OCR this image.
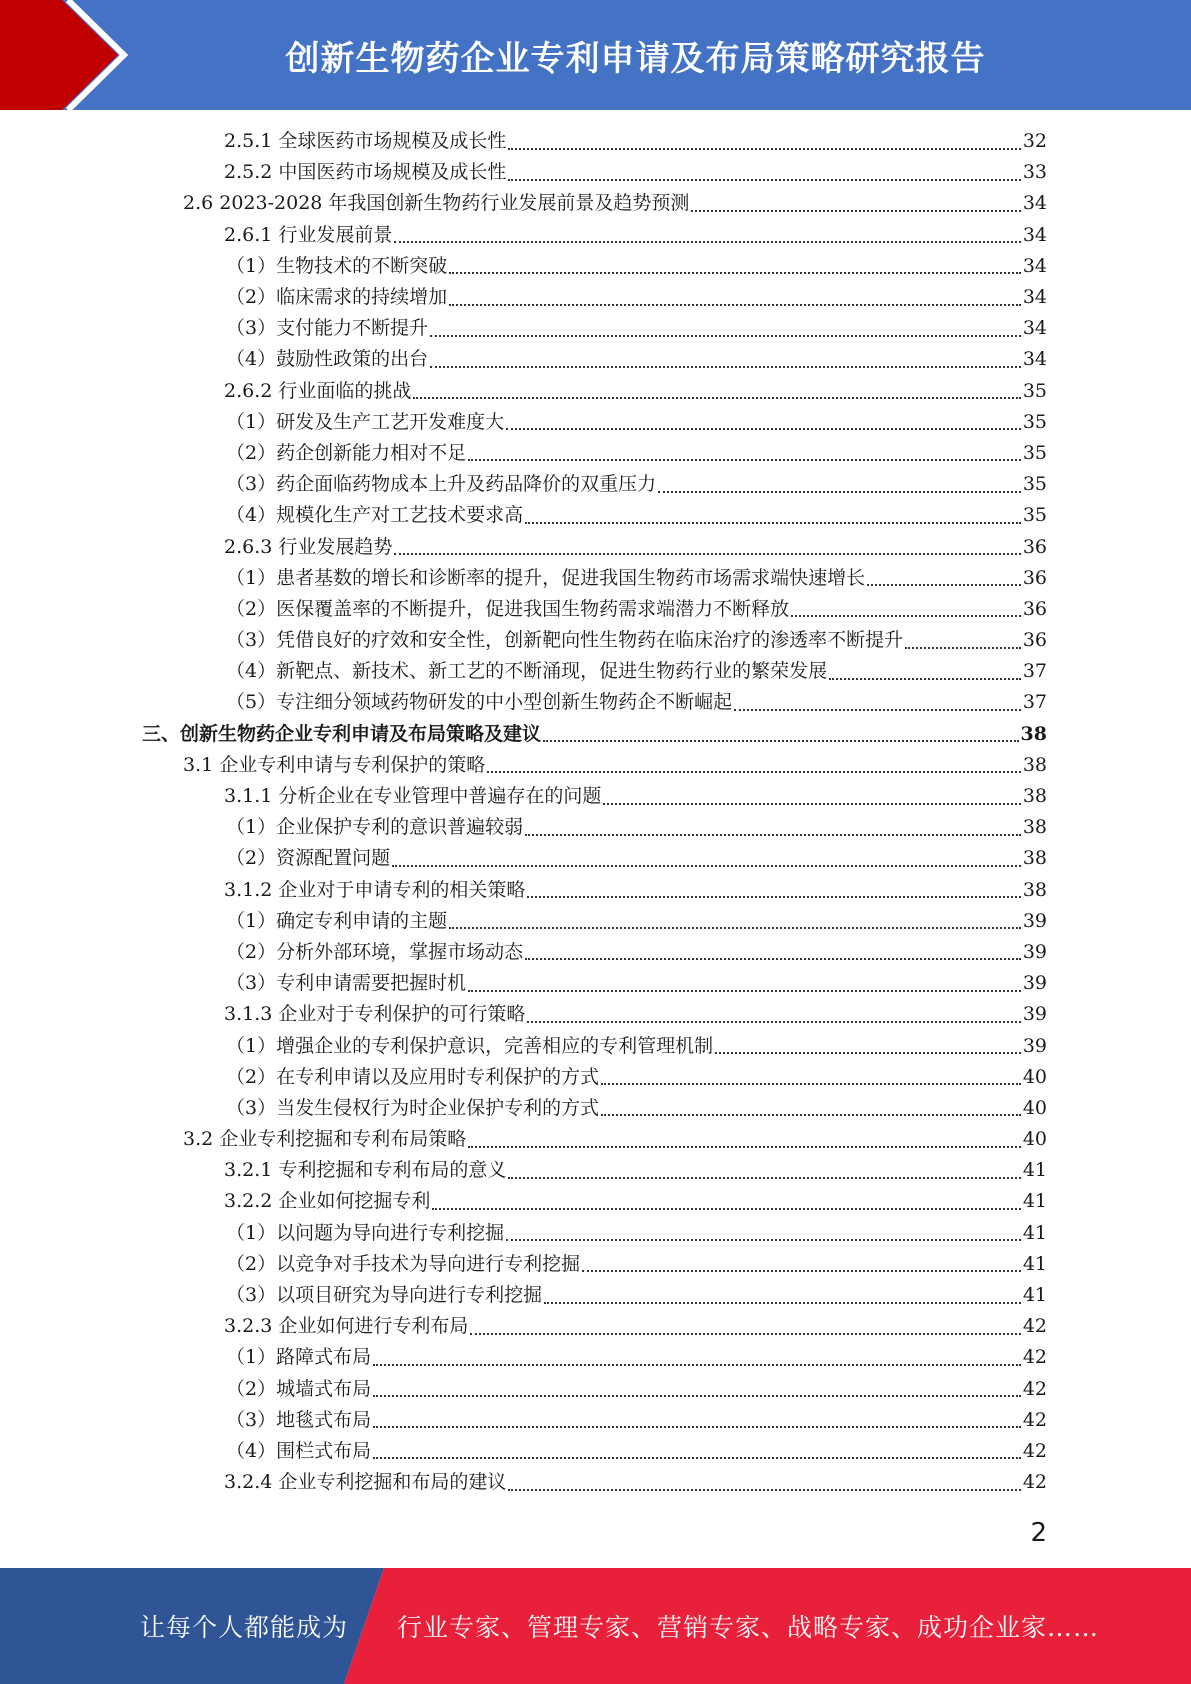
创新生物药企业专利申请及布局策略研究报告
2.5.1 全球医药市场规模及成长性	32
2.5.2 中国医药市场规模及成长性	33
2.6 2023-2028 年我国创新生物药行业发展前景及趋势预测	34
2.6.1 行业发展前景	34
（1）生物技术的不断突破	34
（2）临床需求的持续增加	34
（3）支付能力不断提升	34
（4）鼓励性政策的出台	34
2.6.2 行业面临的挑战	35
（1）研发及生产工艺开发难度大	35
（2）药企创新能力相对不足	35
（3）药企面临药物成本上升及药品降价的双重压力	35
（4）规模化生产对工艺技术要求高	35
2.6.3 行业发展趋势	36
（1）患者基数的增长和诊断率的提升，促进我国生物药市场需求端快速增长	36
（2）医保覆盖率的不断提升，促进我国生物药需求端潜力不断释放	36
（3）凭借良好的疗效和安全性，创新靶向性生物药在临床治疗的渗透率不断提升	36
（4）新靶点、新技术、新工艺的不断涌现，促进生物药行业的繁荣发展	37
（5）专注细分领域药物研发的中小型创新生物药企不断崛起	37
三、创新生物药企业专利申请及布局策略及建议	38
3.1 企业专利申请与专利保护的策略	38
3.1.1 分析企业在专业管理中普遍存在的问题	38
（1）企业保护专利的意识普遍较弱	38
（2）资源配置问题	38
3.1.2 企业对于申请专利的相关策略	38
（1）确定专利申请的主题	39
（2）分析外部环境，掌握市场动态	39
（3）专利申请需要把握时机	39
3.1.3 企业对于专利保护的可行策略	39
（1）增强企业的专利保护意识，完善相应的专利管理机制	39
（2）在专利申请以及应用时专利保护的方式	40
（3）当发生侵权行为时企业保护专利的方式	40
3.2 企业专利挖掘和专利布局策略	40
3.2.1 专利挖掘和专利布局的意义	41
3.2.2 企业如何挖掘专利	41
（1）以问题为导向进行专利挖掘	41
（2）以竞争对手技术为导向进行专利挖掘	41
（3）以项目研究为导向进行专利挖掘	41
3.2.3 企业如何进行专利布局	42
（1）路障式布局	42
（2）城墙式布局	42
（3）地毯式布局	42
（4）围栏式布局	42
3.2.4 企业专利挖掘和布局的建议	42
2
让每个人都能成为 行业专家、管理专家、营销专家、战略专家、成功企业家……
